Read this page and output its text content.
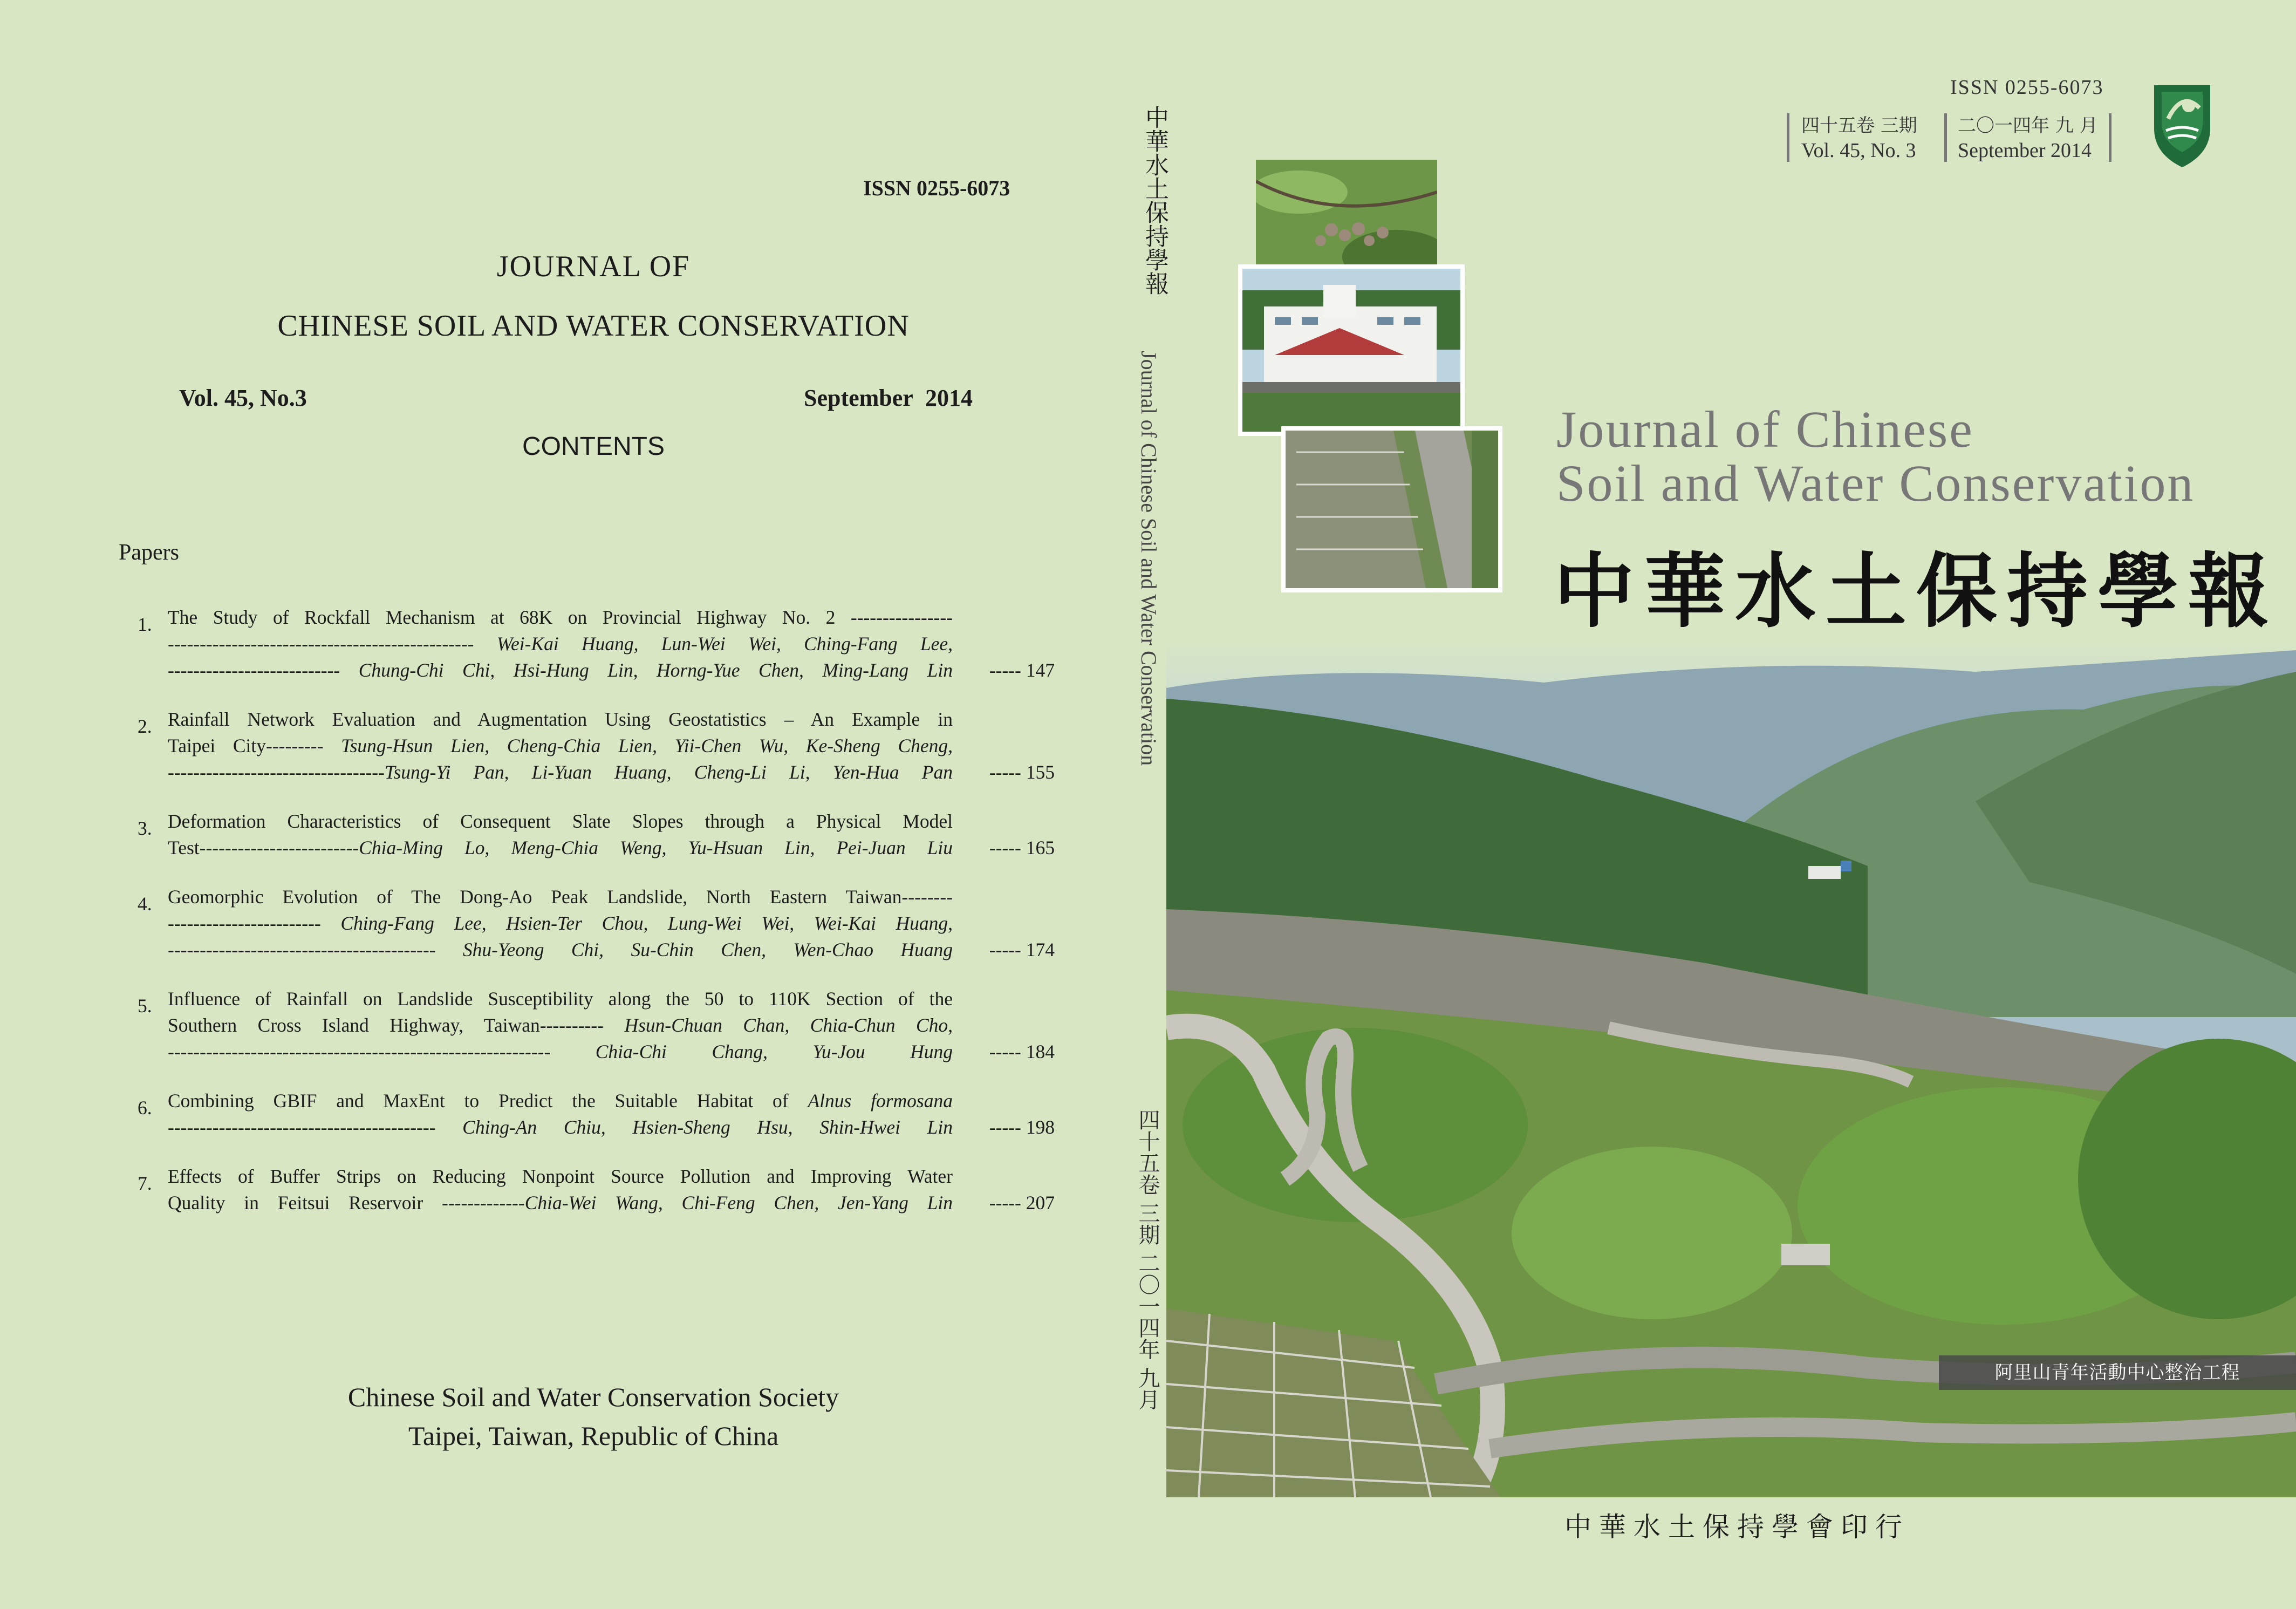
ISSN 0255-6073
JOURNAL OF
CHINESE SOIL AND WATER CONSERVATION
Vol. 45, No.3	September 2014
CONTENTS
Papers
1. The Study of Rockfall Mechanism at 68K on Provincial Highway No. 2 ----------------
------------------------------------------------ Wei-Kai Huang, Lun-Wei Wei, Ching-Fang Lee,
--------------------------- Chung-Chi Chi, Hsi-Hung Lin, Horng-Yue Chen, Ming-Lang Lin	----- 147
2. Rainfall Network Evaluation and Augmentation Using Geostatistics – An Example in
Taipei City--------- Tsung-Hsun Lien, Cheng-Chia Lien, Yii-Chen Wu, Ke-Sheng Cheng,
----------------------------------Tsung-Yi Pan, Li-Yuan Huang, Cheng-Li Li, Yen-Hua Pan	----- 155
3. Deformation Characteristics of Consequent Slate Slopes through a Physical Model
Test-------------------------Chia-Ming Lo, Meng-Chia Weng, Yu-Hsuan Lin, Pei-Juan Liu	----- 165
4. Geomorphic Evolution of The Dong-Ao Peak Landslide, North Eastern Taiwan--------
------------------------ Ching-Fang Lee, Hsien-Ter Chou, Lung-Wei Wei, Wei-Kai Huang,
------------------------------------------ Shu-Yeong Chi, Su-Chin Chen, Wen-Chao Huang	----- 174
5. Influence of Rainfall on Landslide Susceptibility along the 50 to 110K Section of the
Southern Cross Island Highway, Taiwan---------- Hsun-Chuan Chan, Chia-Chun Cho,
------------------------------------------------------------ Chia-Chi Chang, Yu-Jou Hung	----- 184
6. Combining GBIF and MaxEnt to Predict the Suitable Habitat of Alnus formosana
------------------------------------------ Ching-An Chiu, Hsien-Sheng Hsu, Shin-Hwei Lin	----- 198
7. Effects of Buffer Strips on Reducing Nonpoint Source Pollution and Improving Water
Quality in Feitsui Reservoir -------------Chia-Wei Wang, Chi-Feng Chen, Jen-Yang Lin	----- 207
Chinese Soil and Water Conservation Society
Taipei, Taiwan, Republic of China
中華水土保持學報
Journal of Chinese Soil and Water Conservation
四十五卷 三期 二〇一四年 九月
ISSN 0255-6073
四十五卷 三期
Vol. 45, No. 3
二〇一四年 九 月
September 2014
Journal of Chinese
Soil and Water Conservation
中華水土保持學報
阿里山青年活動中心整治工程
中華水土保持學會印行
